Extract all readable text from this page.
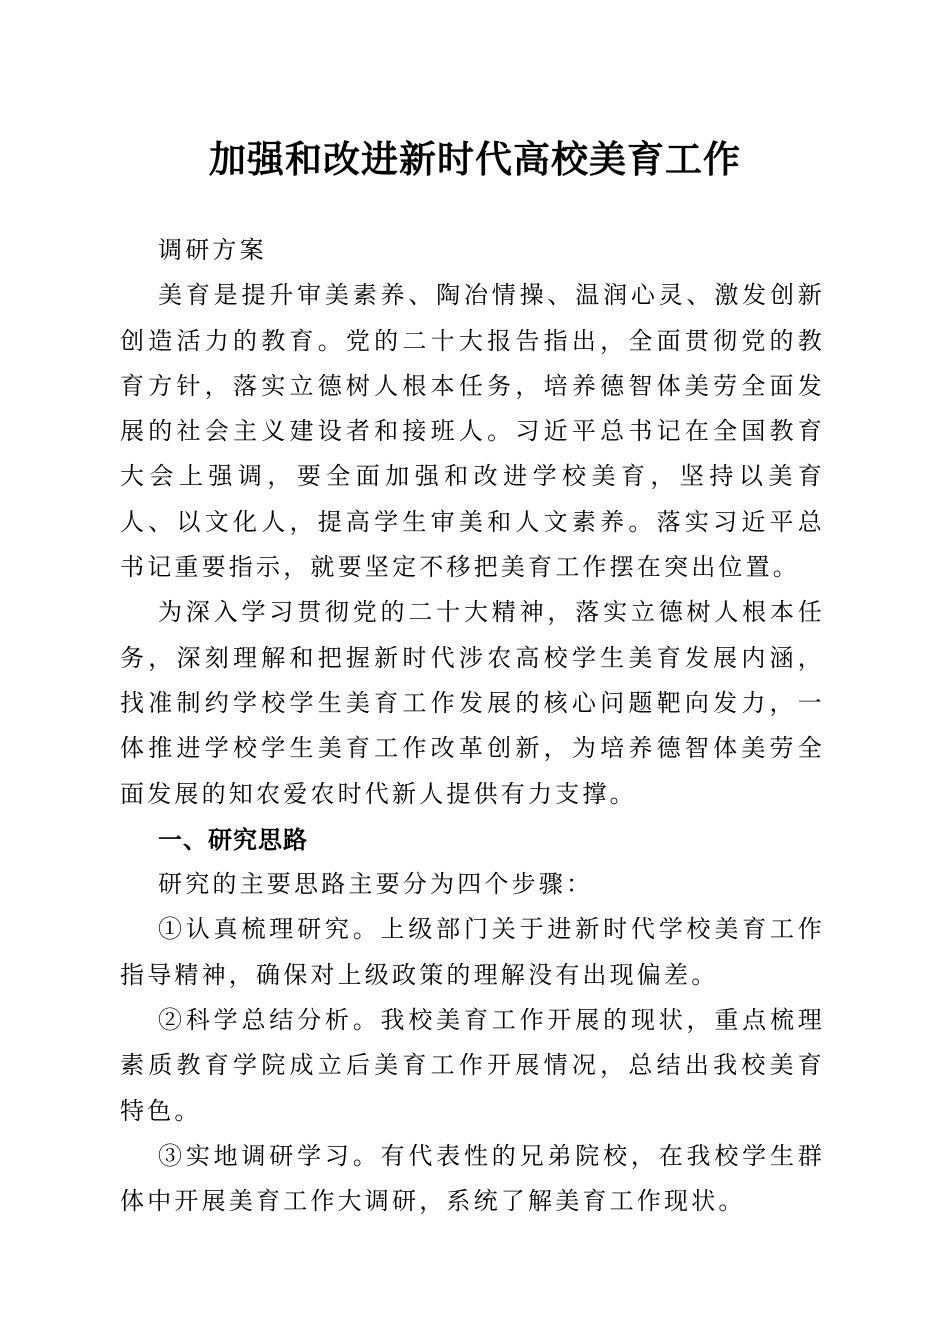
加强和改进新时代高校美育工作

调研方案

美育是提升审美素养、陶冶情操、温润心灵、激发创新创造活力的教育。党的二十大报告指出，全面贯彻党的教育方针，落实立德树人根本任务，培养德智体美劳全面发展的社会主义建设者和接班人。习近平总书记在全国教育大会上强调，要全面加强和改进学校美育，坚持以美育人、以文化人，提高学生审美和人文素养。落实习近平总书记重要指示，就要坚定不移把美育工作摆在突出位置。

为深入学习贯彻党的二十大精神，落实立德树人根本任务，深刻理解和把握新时代涉农高校学生美育发展内涵，找准制约学校学生美育工作发展的核心问题靶向发力，一体推进学校学生美育工作改革创新，为培养德智体美劳全面发展的知农爱农时代新人提供有力支撑。

一、研究思路

研究的主要思路主要分为四个步骤：

①认真梳理研究。上级部门关于进新时代学校美育工作指导精神，确保对上级政策的理解没有出现偏差。

②科学总结分析。我校美育工作开展的现状，重点梳理素质教育学院成立后美育工作开展情况，总结出我校美育特色。

③实地调研学习。有代表性的兄弟院校，在我校学生群体中开展美育工作大调研，系统了解美育工作现状。
